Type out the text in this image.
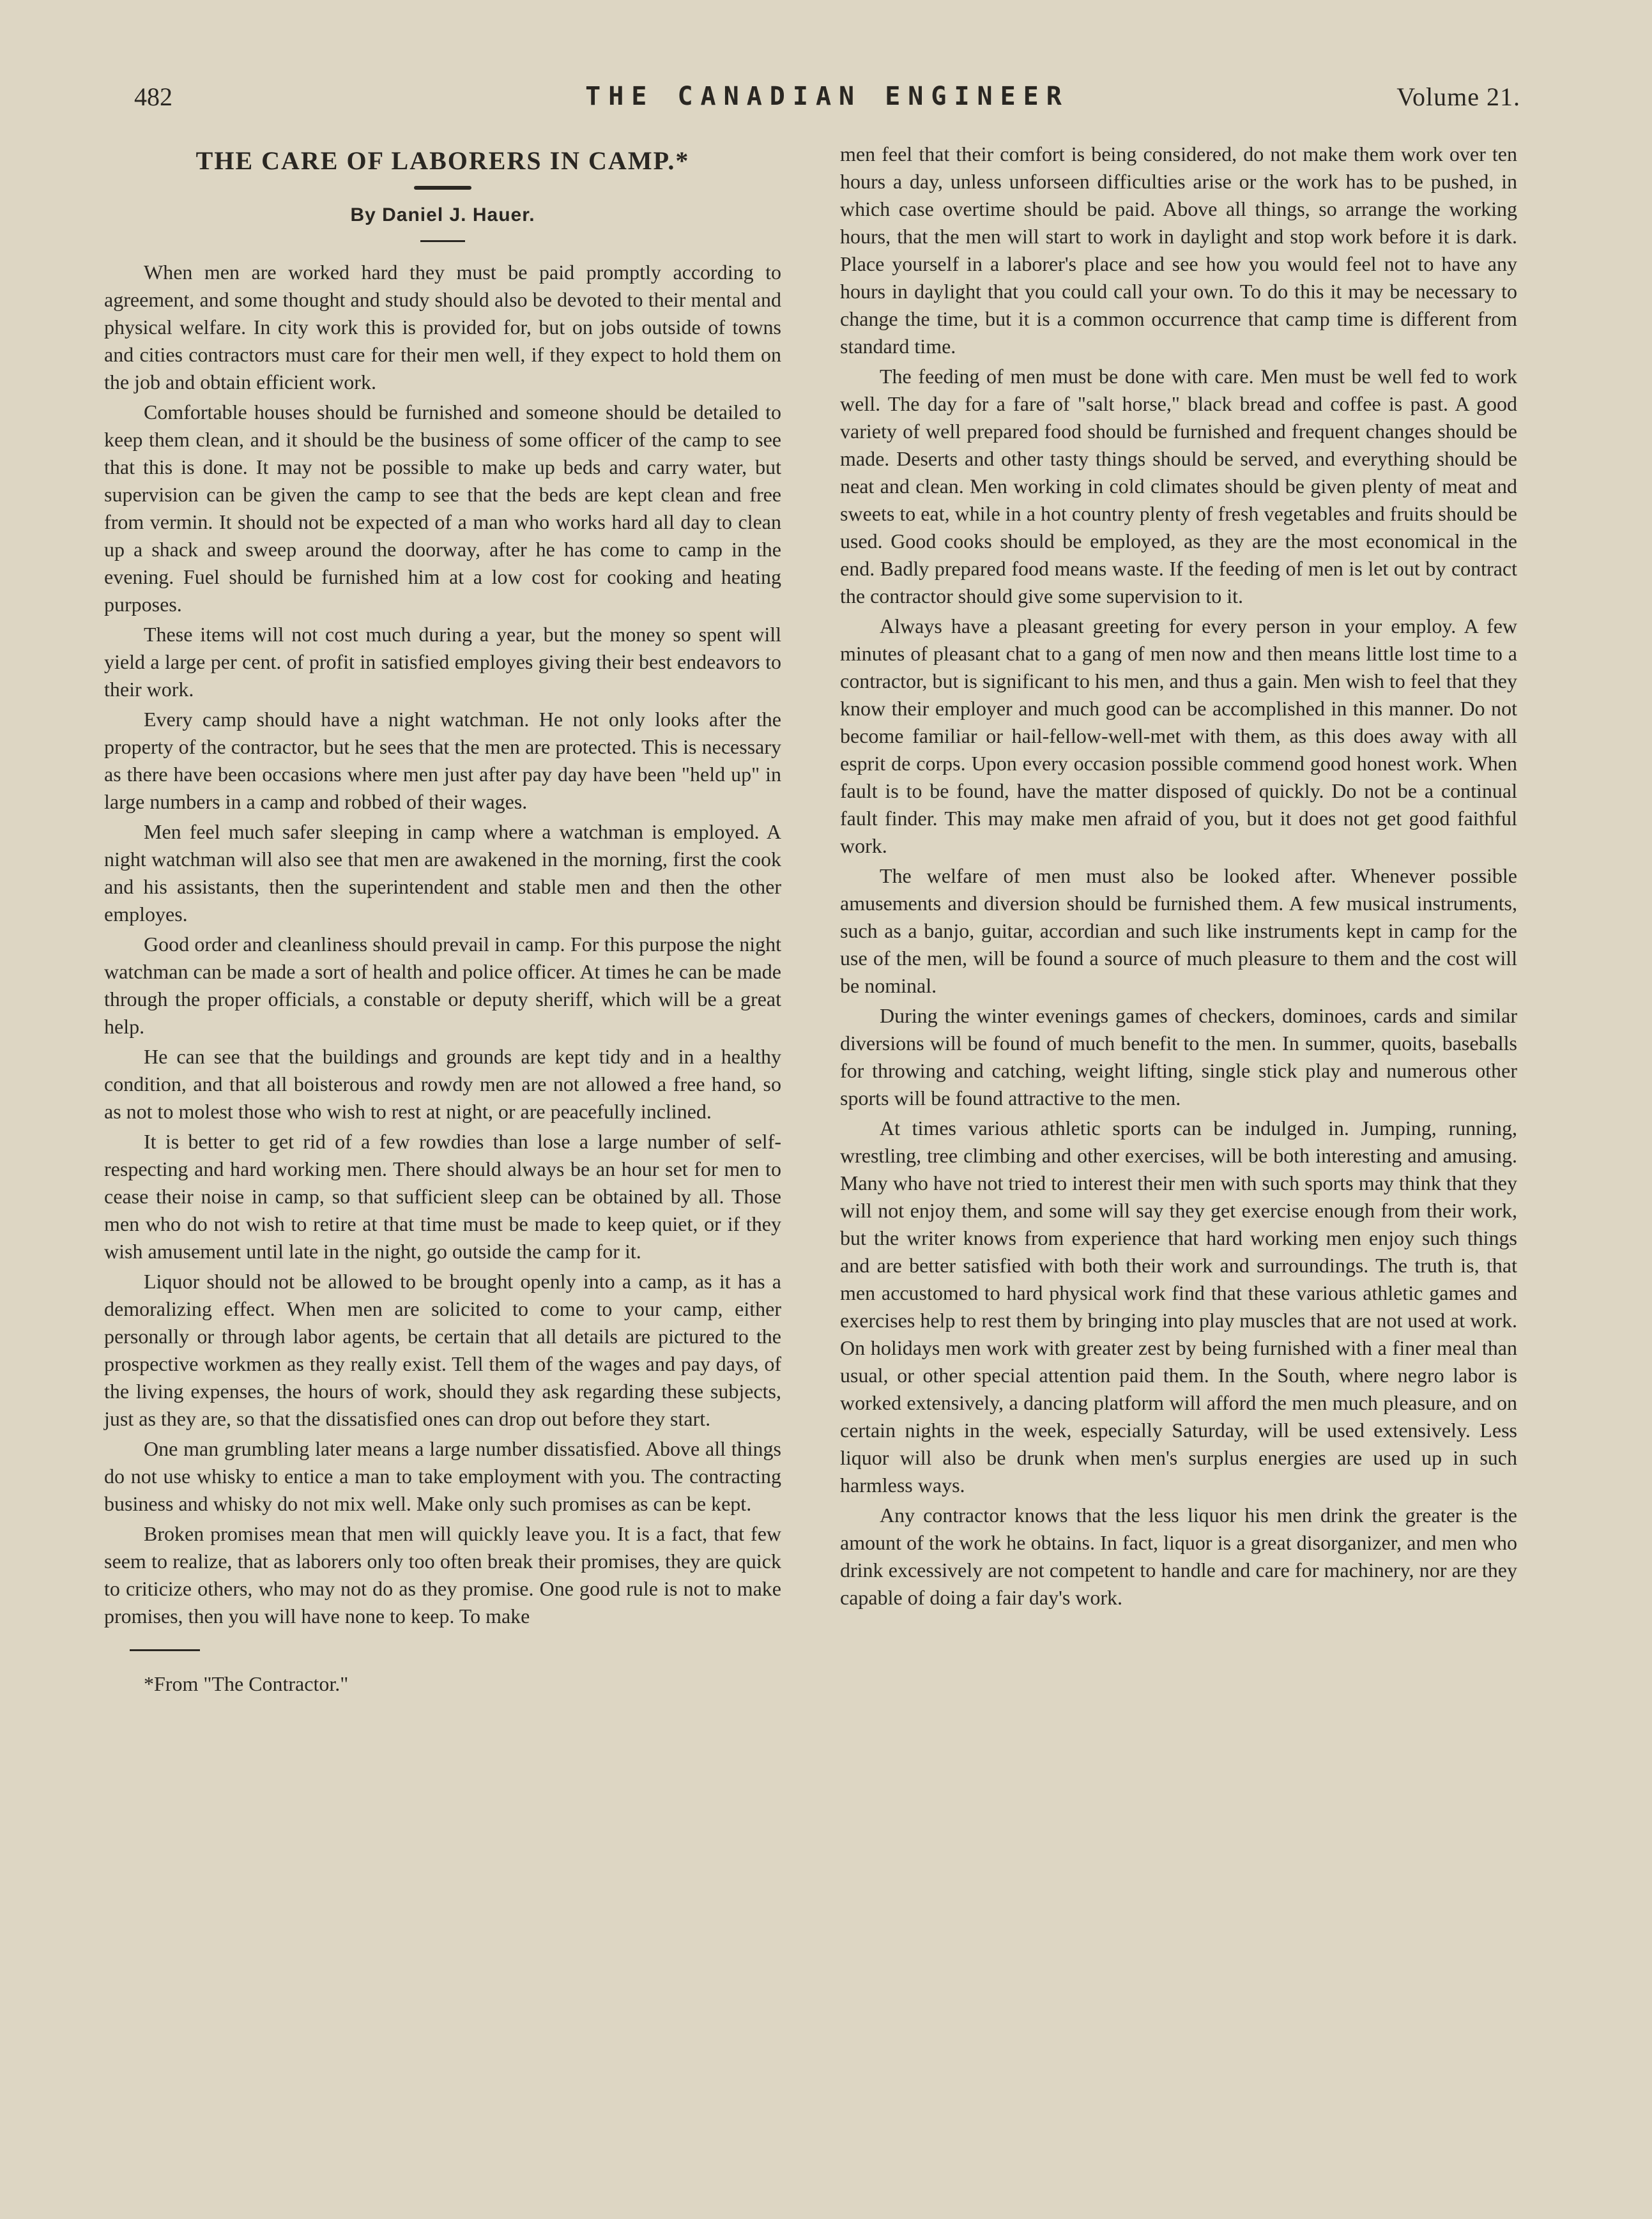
482	THE CANADIAN ENGINEER	Volume 21.
THE CARE OF LABORERS IN CAMP.*
By Daniel J. Hauer.

When men are worked hard they must be paid promptly according to agreement, and some thought and study should also be devoted to their mental and physical welfare. In city work this is provided for, but on jobs outside of towns and cities contractors must care for their men well, if they expect to hold them on the job and obtain efficient work.

Comfortable houses should be furnished and someone should be detailed to keep them clean, and it should be the business of some officer of the camp to see that this is done. It may not be possible to make up beds and carry water, but supervision can be given the camp to see that the beds are kept clean and free from vermin. It should not be expected of a man who works hard all day to clean up a shack and sweep around the doorway, after he has come to camp in the evening. Fuel should be furnished him at a low cost for cooking and heating purposes.

These items will not cost much during a year, but the money so spent will yield a large per cent. of profit in satisfied employes giving their best endeavors to their work.

Every camp should have a night watchman. He not only looks after the property of the contractor, but he sees that the men are protected. This is necessary as there have been occasions where men just after pay day have been "held up" in large numbers in a camp and robbed of their wages.

Men feel much safer sleeping in camp where a watchman is employed. A night watchman will also see that men are awakened in the morning, first the cook and his assistants, then the superintendent and stable men and then the other employes.

Good order and cleanliness should prevail in camp. For this purpose the night watchman can be made a sort of health and police officer. At times he can be made through the proper officials, a constable or deputy sheriff, which will be a great help.

He can see that the buildings and grounds are kept tidy and in a healthy condition, and that all boisterous and rowdy men are not allowed a free hand, so as not to molest those who wish to rest at night, or are peacefully inclined.

It is better to get rid of a few rowdies than lose a large number of self-respecting and hard working men. There should always be an hour set for men to cease their noise in camp, so that sufficient sleep can be obtained by all. Those men who do not wish to retire at that time must be made to keep quiet, or if they wish amusement until late in the night, go outside the camp for it.

Liquor should not be allowed to be brought openly into a camp, as it has a demoralizing effect. When men are solicited to come to your camp, either personally or through labor agents, be certain that all details are pictured to the prospective workmen as they really exist. Tell them of the wages and pay days, of the living expenses, the hours of work, should they ask regarding these subjects, just as they are, so that the dissatisfied ones can drop out before they start.

One man grumbling later means a large number dissatisfied. Above all things do not use whisky to entice a man to take employment with you. The contracting business and whisky do not mix well. Make only such promises as can be kept.

Broken promises mean that men will quickly leave you. It is a fact, that few seem to realize, that as laborers only too often break their promises, they are quick to criticize others, who may not do as they promise. One good rule is not to make promises, then you will have none to keep. To make

*From "The Contractor."

men feel that their comfort is being considered, do not make them work over ten hours a day, unless unforseen difficulties arise or the work has to be pushed, in which case overtime should be paid. Above all things, so arrange the working hours, that the men will start to work in daylight and stop work before it is dark. Place yourself in a laborer's place and see how you would feel not to have any hours in daylight that you could call your own. To do this it may be necessary to change the time, but it is a common occurrence that camp time is different from standard time.

The feeding of men must be done with care. Men must be well fed to work well. The day for a fare of "salt horse," black bread and coffee is past. A good variety of well prepared food should be furnished and frequent changes should be made. Deserts and other tasty things should be served, and everything should be neat and clean. Men working in cold climates should be given plenty of meat and sweets to eat, while in a hot country plenty of fresh vegetables and fruits should be used. Good cooks should be employed, as they are the most economical in the end. Badly prepared food means waste. If the feeding of men is let out by contract the contractor should give some supervision to it.

Always have a pleasant greeting for every person in your employ. A few minutes of pleasant chat to a gang of men now and then means little lost time to a contractor, but is significant to his men, and thus a gain. Men wish to feel that they know their employer and much good can be accomplished in this manner. Do not become familiar or hail-fellow-well-met with them, as this does away with all esprit de corps. Upon every occasion possible commend good honest work. When fault is to be found, have the matter disposed of quickly. Do not be a continual fault finder. This may make men afraid of you, but it does not get good faithful work.

The welfare of men must also be looked after. Whenever possible amusements and diversion should be furnished them. A few musical instruments, such as a banjo, guitar, accordian and such like instruments kept in camp for the use of the men, will be found a source of much pleasure to them and the cost will be nominal.

During the winter evenings games of checkers, dominoes, cards and similar diversions will be found of much benefit to the men. In summer, quoits, baseballs for throwing and catching, weight lifting, single stick play and numerous other sports will be found attractive to the men.

At times various athletic sports can be indulged in. Jumping, running, wrestling, tree climbing and other exercises, will be both interesting and amusing. Many who have not tried to interest their men with such sports may think that they will not enjoy them, and some will say they get exercise enough from their work, but the writer knows from experience that hard working men enjoy such things and are better satisfied with both their work and surroundings. The truth is, that men accustomed to hard physical work find that these various athletic games and exercises help to rest them by bringing into play muscles that are not used at work. On holidays men work with greater zest by being furnished with a finer meal than usual, or other special attention paid them. In the South, where negro labor is worked extensively, a dancing platform will afford the men much pleasure, and on certain nights in the week, especially Saturday, will be used extensively. Less liquor will also be drunk when men's surplus energies are used up in such harmless ways.

Any contractor knows that the less liquor his men drink the greater is the amount of the work he obtains. In fact, liquor is a great disorganizer, and men who drink excessively are not competent to handle and care for machinery, nor are they capable of doing a fair day's work.
